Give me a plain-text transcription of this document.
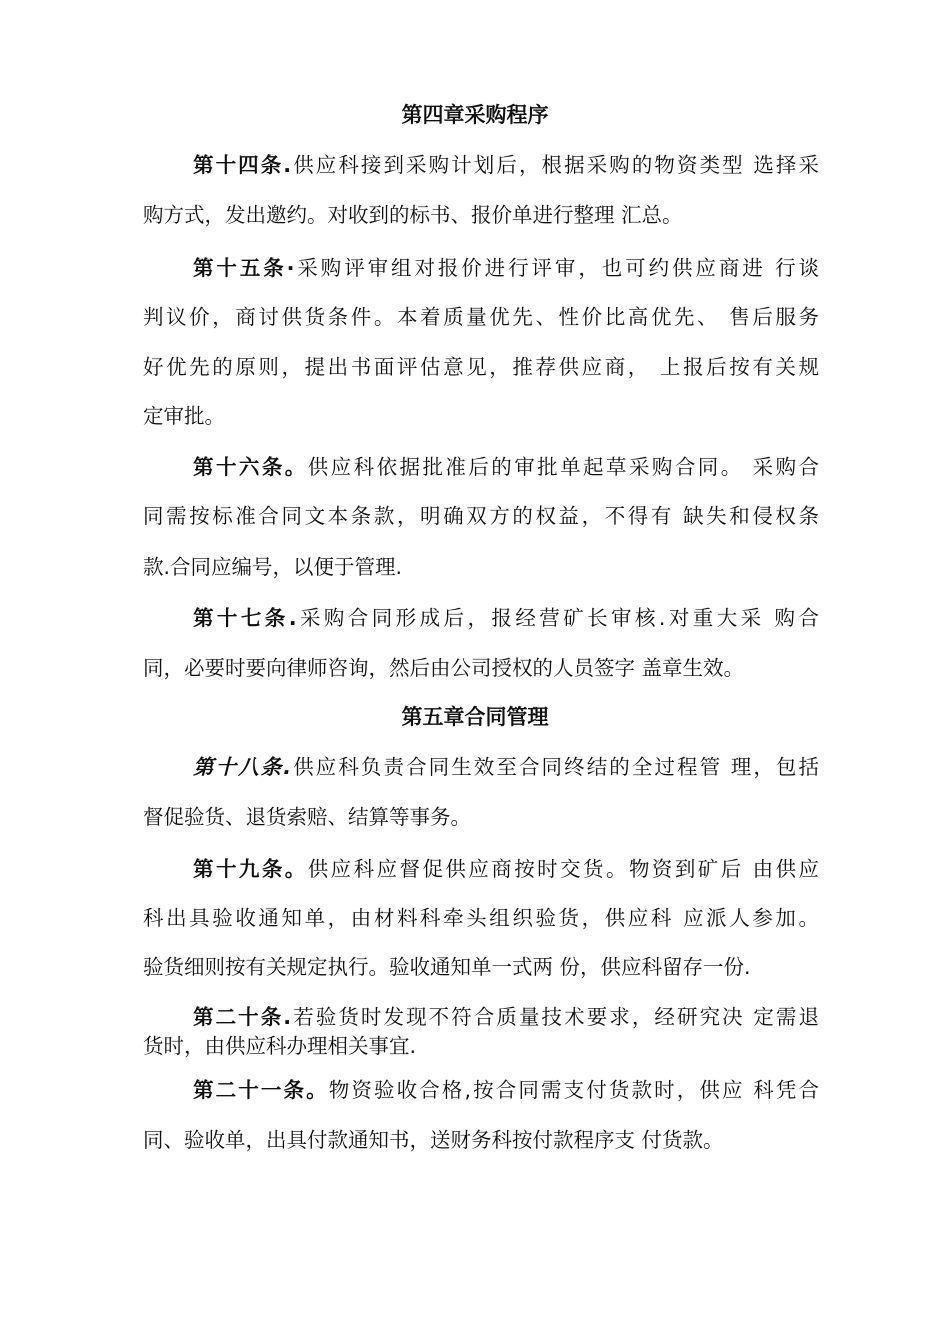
第四章采购程序
第十四条.供应科接到采购计划后，根据采购的物资类型 选择采
购方式，发出邀约。对收到的标书、报价单进行整理 汇总。
第十五条·采购评审组对报价进行评审，也可约供应商进 行谈
判议价，商讨供货条件。本着质量优先、性价比高优先、 售后服务
好优先的原则，提出书面评估意见，推荐供应商， 上报后按有关规
定审批。
第十六条。供应科依据批准后的审批单起草采购合同。 采购合
同需按标准合同文本条款，明确双方的权益，不得有 缺失和侵权条
款.合同应编号，以便于管理.
第十七条.采购合同形成后，报经营矿长审核.对重大采 购合
同，必要时要向律师咨询，然后由公司授权的人员签字 盖章生效。
第五章合同管理
第十八条.供应科负责合同生效至合同终结的全过程管 理，包括
督促验货、退货索赔、结算等事务。
第十九条。供应科应督促供应商按时交货。物资到矿后 由供应
科出具验收通知单，由材料科牵头组织验货，供应科 应派人参加。
验货细则按有关规定执行。验收通知单一式两 份，供应科留存一份.
第二十条.若验货时发现不符合质量技术要求，经研究决 定需退
货时，由供应科办理相关事宜.
第二十一条。物资验收合格,按合同需支付货款时，供应 科凭合
同、验收单，出具付款通知书，送财务科按付款程序支 付货款。
